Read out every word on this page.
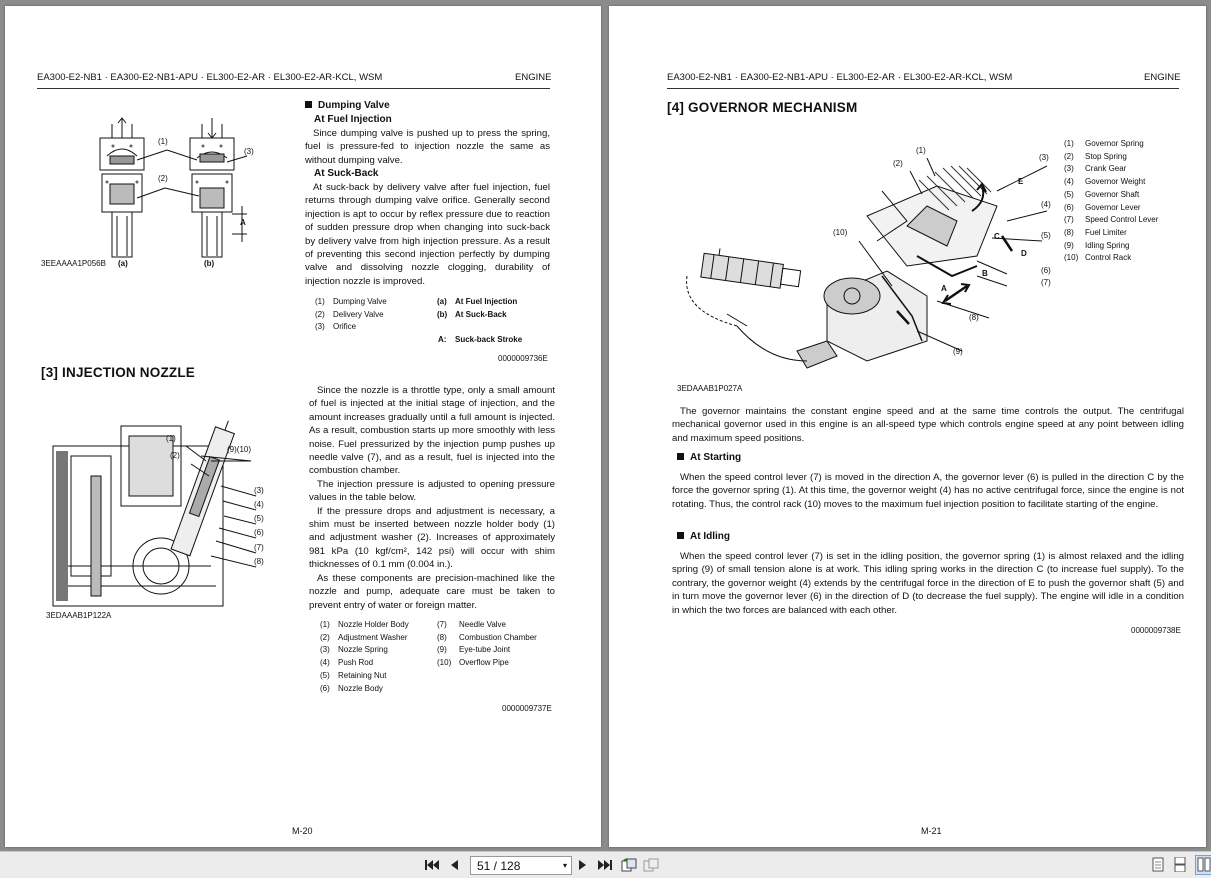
EA300-E2-NB1 · EA300-E2-NB1-APU · EL300-E2-AR · EL300-E2-AR-KCL, WSM	ENGINE
(1)
(3)
(2)
A
3EEAAAA1P056B (a)	(b)
Dumping Valve
At Fuel Injection

Since dumping valve is pushed up to press the spring, fuel is pressure-fed to injection nozzle the same as without dumping valve.

At Suck-Back

At suck-back by delivery valve after fuel injection, fuel returns through dumping valve orifice. Generally second injection is apt to occur by reflex pressure due to reaction of sudden pressure drop when changing into suck-back by delivery valve from high injection pressure. As a result of preventing this second injection perfectly by dumping valve and dissolving nozzle clogging, durability of injection nozzle is improved.

(1)	Dumping Valve
(2)	Delivery Valve
(3)	Orifice
(a)	At Fuel Injection
(b) At Suck-Back
A:	Suck-back Stroke
0000009736E
[3] INJECTION NOZZLE
(1)
(2)
(9)(10)
(3)
(4)
(5)
(6)
(7)
(8)
3EDAAAB1P122A

Since the nozzle is a throttle type, only a small amount of fuel is injected at the initial stage of injection, and the amount increases gradually until a full amount is injected. As a result, combustion starts up more smoothly with less noise. Fuel pressurized by the injection pump pushes up needle valve (7), and as a result, fuel is injected into the combustion chamber.

The injection pressure is adjusted to opening pressure values in the table below.

If the pressure drops and adjustment is necessary, a shim must be inserted between nozzle holder body (1) and adjustment washer (2). Increases of approximately 981 kPa (10 kgf/cm², 142 psi) will occur with shim thicknesses of 0.1 mm (0.004 in.).

As these components are precision-machined like the nozzle and pump, adequate care must be taken to prevent entry of water or foreign matter.

(1)	Nozzle Holder Body
(2)	Adjustment Washer
(3)	Nozzle Spring
(4)	Push Rod
(5)	Retaining Nut
(6)	Nozzle Body
(7)	Needle Valve
(8)	Combustion Chamber
(9)	Eye-tube Joint
(10) Overflow Pipe
0000009737E
M-20
EA300-E2-NB1 · EA300-E2-NB1-APU · EL300-E2-AR · EL300-E2-AR-KCL, WSM	ENGINE
[4] GOVERNOR MECHANISM
(1)
(2)
(3)
(4)
(5)
(6)
(7)
(8)
(9)
(10)
A
B
C
D
E
(1)	Governor Spring
(2)	Stop Spring
(3)	Crank Gear
(4)	Governor Weight
(5)	Governor Shaft
(6)	Governor Lever
(7)	Speed Control Lever
(8)	Fuel Limiter
(9)	Idling Spring
(10) Control Rack
3EDAAAB1P027A

The governor maintains the constant engine speed and at the same time controls the output. The centrifugal mechanical governor used in this engine is an all-speed type which controls engine speed at any point between idling and maximum speed positions.

At Starting

When the speed control lever (7) is moved in the direction A, the governor lever (6) is pulled in the direction C by the force the governor spring (1). At this time, the governor weight (4) has no active centrifugal force, since the engine is not rotating. Thus, the control rack (10) moves to the maximum fuel injection position to facilitate starting of the engine.

At Idling

When the speed control lever (7) is set in the idling position, the governor spring (1) is almost relaxed and the idling spring (9) of small tension alone is at work. This idling spring works in the direction C (to increase fuel supply). To the contrary, the governor weight (4) extends by the centrifugal force in the direction of E to push the governor shaft (5) and in turn move the governor lever (6) in the direction of D (to decrease the fuel supply). The engine will idle in a condition in which the two forces are balanced with each other.

0000009738E
M-21
51 / 128	▾
